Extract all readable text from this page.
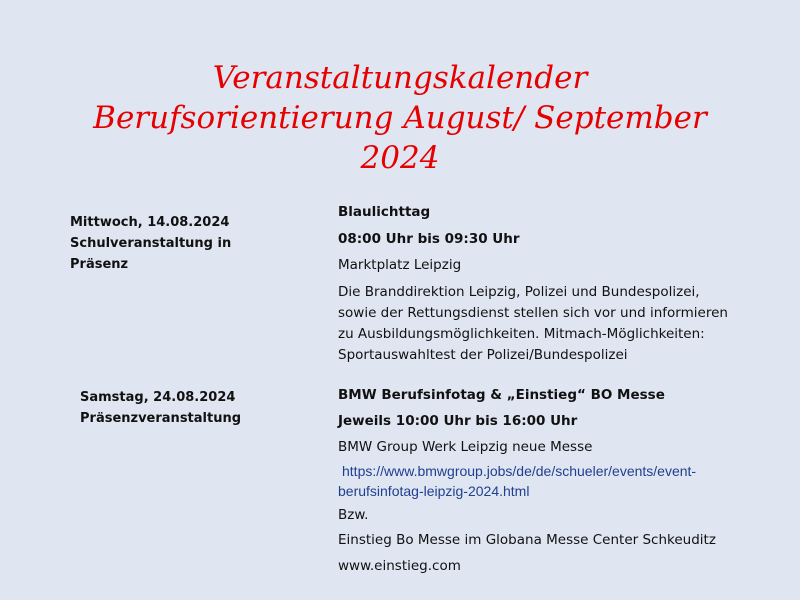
Veranstaltungskalender
Berufsorientierung August/ September
2024
Mittwoch, 14.08.2024
Schulveranstaltung in
Präsenz
Blaulichttag
08:00 Uhr bis 09:30 Uhr
Marktplatz Leipzig
Die Branddirektion Leipzig, Polizei und Bundespolizei,
sowie der Rettungsdienst stellen sich vor und informieren
zu Ausbildungsmöglichkeiten. Mitmach-Möglichkeiten:
Sportauswahltest der Polizei/Bundespolizei
Samstag, 24.08.2024
Präsenzveranstaltung
BMW Berufsinfotag & „Einstieg“ BO Messe
Jeweils 10:00 Uhr bis 16:00 Uhr
BMW Group Werk Leipzig neue Messe
https://www.bmwgroup.jobs/de/de/schueler/events/event-
berufsinfotag-leipzig-2024.html
Bzw.
Einstieg Bo Messe im Globana Messe Center Schkeuditz
www.einstieg.com
